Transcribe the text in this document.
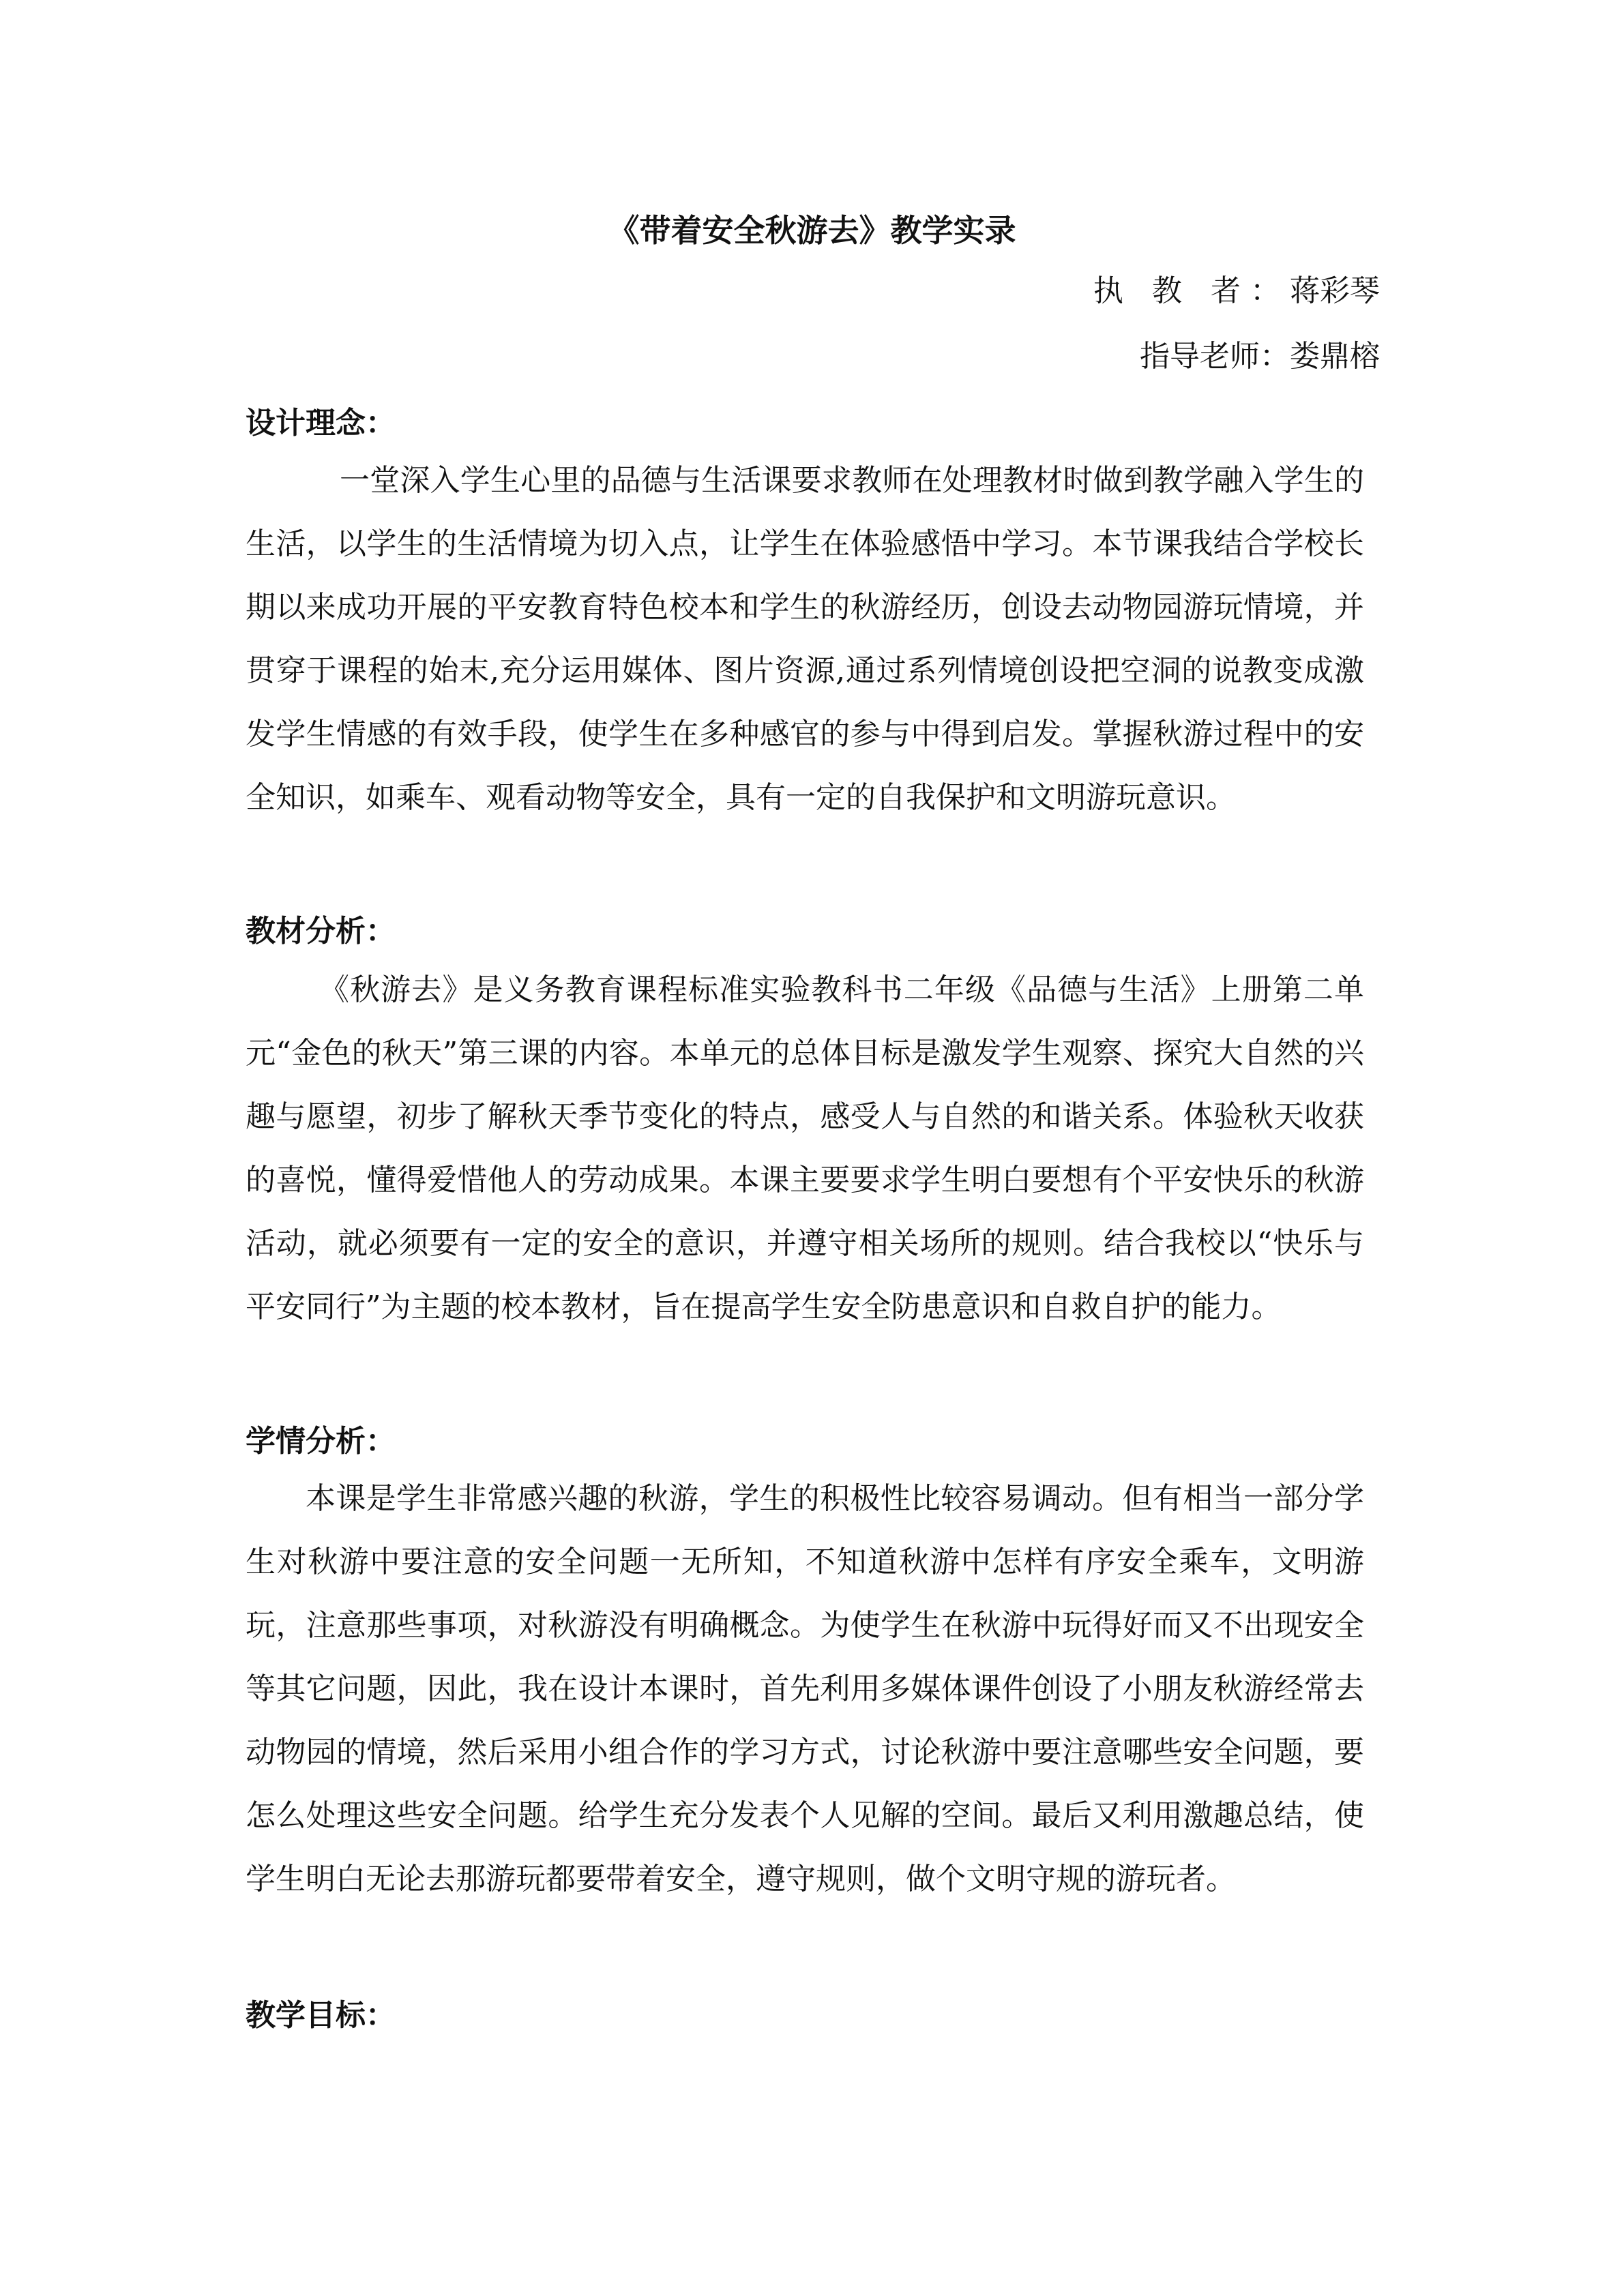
《带着安全秋游去》教学实录
执 教 者：蒋彩琴
指导老师：娄鼎榕
设计理念：

一堂深入学生心里的品德与生活课要求教师在处理教材时做到教学融入学生的生活，以学生的生活情境为切入点，让学生在体验感悟中学习。本节课我结合学校长期以来成功开展的平安教育特色校本和学生的秋游经历，创设去动物园游玩情境，并贯穿于课程的始末,充分运用媒体、图片资源,通过系列情境创设把空洞的说教变成激发学生情感的有效手段，使学生在多种感官的参与中得到启发。掌握秋游过程中的安全知识，如乘车、观看动物等安全，具有一定的自我保护和文明游玩意识。

教材分析：

《秋游去》是义务教育课程标准实验教科书二年级《品德与生活》上册第二单元“金色的秋天”第三课的内容。本单元的总体目标是激发学生观察、探究大自然的兴趣与愿望，初步了解秋天季节变化的特点，感受人与自然的和谐关系。体验秋天收获的喜悦，懂得爱惜他人的劳动成果。本课主要要求学生明白要想有个平安快乐的秋游活动，就必须要有一定的安全的意识，并遵守相关场所的规则。结合我校以“快乐与平安同行”为主题的校本教材，旨在提高学生安全防患意识和自救自护的能力。

学情分析：

本课是学生非常感兴趣的秋游，学生的积极性比较容易调动。但有相当一部分学生对秋游中要注意的安全问题一无所知，不知道秋游中怎样有序安全乘车，文明游玩，注意那些事项，对秋游没有明确概念。为使学生在秋游中玩得好而又不出现安全等其它问题，因此，我在设计本课时，首先利用多媒体课件创设了小朋友秋游经常去动物园的情境，然后采用小组合作的学习方式，讨论秋游中要注意哪些安全问题，要怎么处理这些安全问题。给学生充分发表个人见解的空间。最后又利用激趣总结，使学生明白无论去那游玩都要带着安全，遵守规则，做个文明守规的游玩者。

教学目标：
